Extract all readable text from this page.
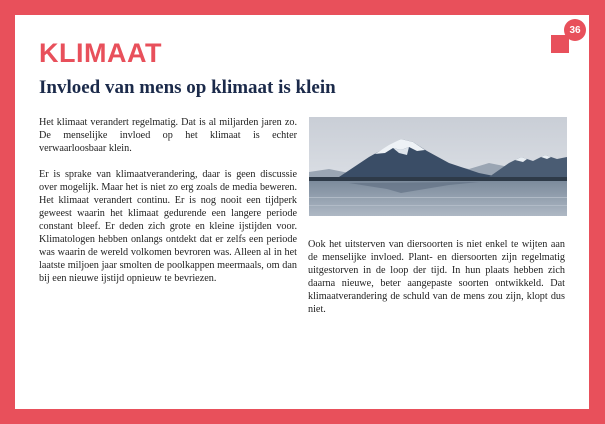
KLIMAAT
36
Invloed van mens op klimaat is klein

Het klimaat verandert regelmatig. Dat is al miljarden jaren zo. De menselijke invloed op het klimaat is echter verwaarloosbaar klein.

Er is sprake van klimaatverandering, daar is geen discussie over mogelijk. Maar het is niet zo erg zoals de media beweren. Het klimaat verandert continu. Er is nog nooit een tijdperk geweest waarin het klimaat gedurende een langere periode constant bleef. Er deden zich grote en kleine ijstijden voor. Klimatologen hebben onlangs ontdekt dat er zelfs een periode was waarin de wereld volkomen bevroren was. Alleen al in het laatste miljoen jaar smolten de poolkappen meermaals, om dan bij een nieuwe ijstijd opnieuw te bevriezen.

Ook het uitsterven van diersoorten is niet enkel te wijten aan de menselijke invloed. Plant- en diersoorten zijn regelmatig uitgestorven in de loop der tijd. In hun plaats hebben zich daarna nieuwe, beter aangepaste soorten ontwikkeld. Dat klimaatverandering de schuld van de mens zou zijn, klopt dus niet.
